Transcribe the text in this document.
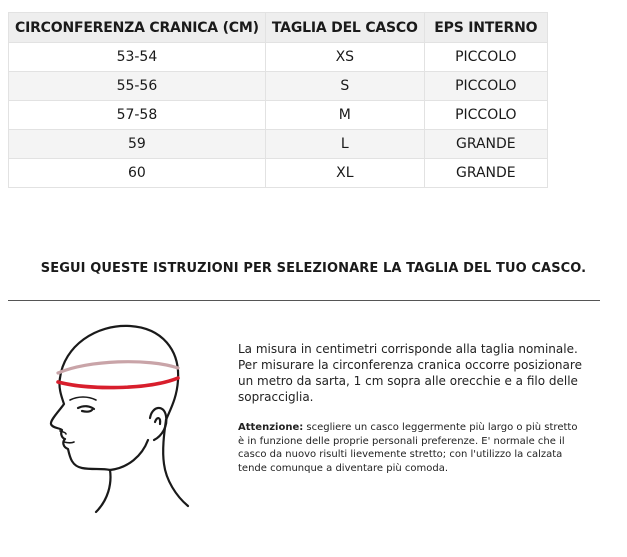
CIRCONFERENZA CRANICA (CM)	TAGLIA DEL CASCO	EPS INTERNO
53-54	XS	PICCOLO
55-56	S	PICCOLO
57-58	M	PICCOLO
59	L	GRANDE
60	XL	GRANDE
SEGUI QUESTE ISTRUZIONI PER SELEZIONARE LA TAGLIA DEL TUO CASCO.

La misura in centimetri corrisponde alla taglia nominale. Per misurare la circonferenza cranica occorre posizionare un metro da sarta, 1 cm sopra alle orecchie e a filo delle sopracciglia.

Attenzione: scegliere un casco leggermente più largo o più stretto è in funzione delle proprie personali preferenze. E' normale che il casco da nuovo risulti lievemente stretto; con l'utilizzo la calzata tende comunque a diventare più comoda.
